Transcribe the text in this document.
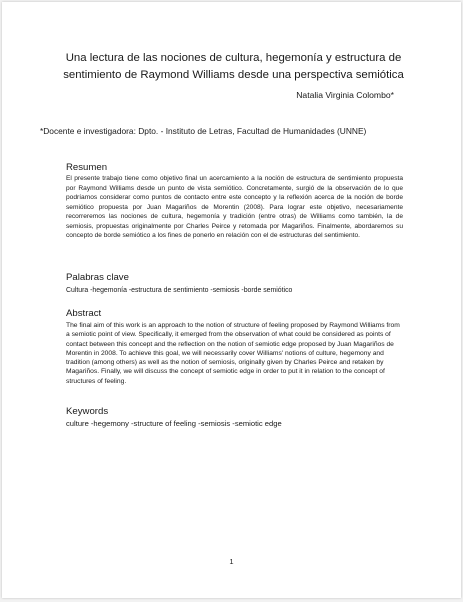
Una lectura de las nociones de cultura, hegemonía y estructura de sentimiento de Raymond Williams desde una perspectiva semiótica
Natalia Virginia Colombo*
*Docente e investigadora: Dpto. - Instituto de Letras, Facultad de Humanidades (UNNE)
Resumen
El presente trabajo tiene como objetivo final un acercamiento a la noción de estructura de sentimiento propuesta por Raymond Williams desde un punto de vista semiótico. Concretamente, surgió de la observación de lo que podríamos considerar como puntos de contacto entre este concepto y la reflexión acerca de la noción de borde semiótico propuesta por Juan Magariños de Morentin (2008). Para lograr este objetivo, necesariamente recorreremos las nociones de cultura, hegemonía y tradición (entre otras) de Williams como también, la de semiosis, propuestas originalmente por Charles Peirce y retomada por Magariños. Finalmente, abordaremos su concepto de borde semiótico a los fines de ponerlo en relación con el de estructuras del sentimiento.
Palabras clave
Cultura -hegemonía -estructura de sentimiento -semiosis -borde semiótico
Abstract
The final aim of this work is an approach to the notion of structure of feeling proposed by Raymond Williams from a semiotic point of view. Specifically, it emerged from the observation of what could be considered as points of contact between this concept and the reflection on the notion of semiotic edge proposed by Juan Magariños de Morentin in 2008. To achieve this goal, we will necessarily cover Williams' notions of culture, hegemony and tradition (among others) as well as the notion of semiosis, originally given by Charles Peirce and retaken by Magariños. Finally, we will discuss the concept of semiotic edge in order to put it in relation to the concept of structures of feeling.
Keywords
culture -hegemony -structure of feeling -semiosis -semiotic edge
1
